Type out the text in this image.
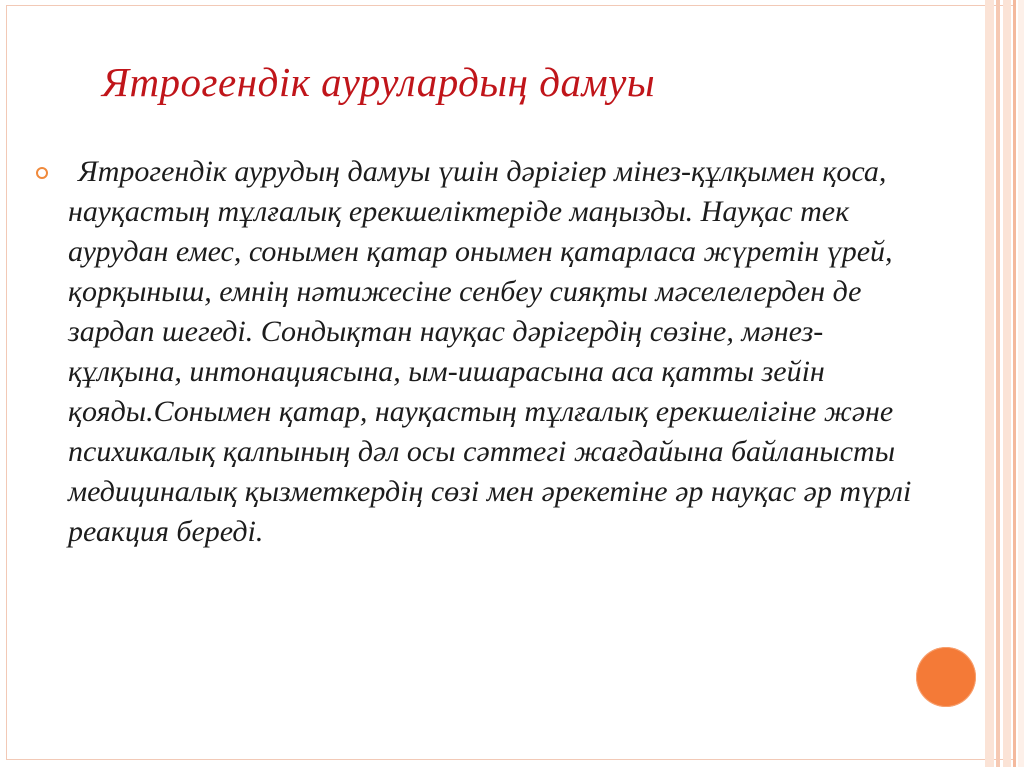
Ятрогендік аурулардың дамуы

Ятрогендік аурудың дамуы үшін дәрігіер мінез-құлқымен қоса, науқастың тұлғалық ерекшеліктеріде маңызды. Науқас тек аурудан емес, сонымен қатар онымен қатарласа жүретін үрей, қорқыныш, емнің нәтижесіне сенбеу сияқты мәселелерден де зардап шегеді. Сондықтан науқас дәрігердің сөзіне, мәнез-құлқына, интонациясына, ым-ишарасына аса қатты зейін қояды.Сонымен қатар, науқастың тұлғалық ерекшелігіне және психикалық қалпының дәл осы сәттегі жағдайына байланысты медициналық қызметкердің сөзі мен әрекетіне әр науқас әр түрлі реакция береді.
